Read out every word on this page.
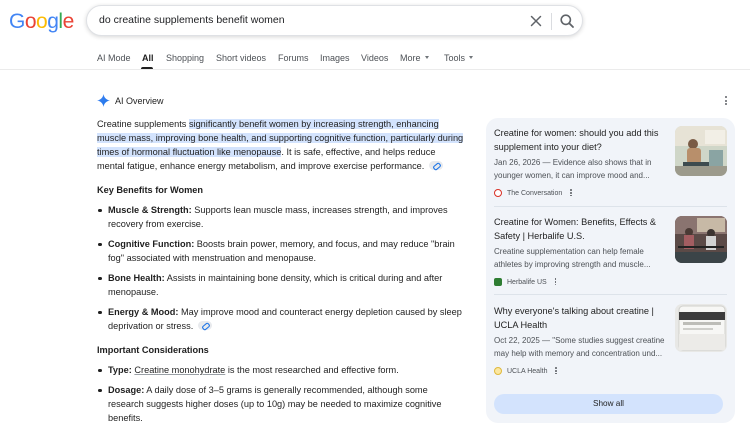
Google do creatine supplements benefit women
AI Mode All Shopping Short videos Forums Images Videos More	Tools
AI Overview

Creatine supplements significantly benefit women by increasing strength, enhancing muscle mass, improving bone health, and supporting cognitive function, particularly during times of hormonal fluctuation like menopause. It is safe, effective, and helps reduce mental fatigue, enhance energy metabolism, and improve exercise performance.

Key Benefits for Women

Muscle & Strength: Supports lean muscle mass, increases strength, and improves recovery from exercise.
Cognitive Function: Boosts brain power, memory, and focus, and may reduce "brain fog" associated with menstruation and menopause.
Bone Health: Assists in maintaining bone density, which is critical during and after menopause.
Energy & Mood: May improve mood and counteract energy depletion caused by sleep deprivation or stress.

Important Considerations

Type: Creatine monohydrate is the most researched and effective form.
Dosage: A daily dose of 3–5 grams is generally recommended, although some research suggests higher doses (up to 10g) may be needed to maximize cognitive benefits.
Creatine for women: should you add this supplement into your diet?
Jan 26, 2026 — Evidence also shows that in younger women, it can improve mood and...
The Conversation
Creatine for Women: Benefits, Effects & Safety | Herbalife U.S.
Creatine supplementation can help female athletes by improving strength and muscle...
Herbalife US
Why everyone's talking about creatine | UCLA Health
Oct 22, 2025 — "Some studies suggest creatine may help with memory and concentration und...
UCLA Health
Show all
